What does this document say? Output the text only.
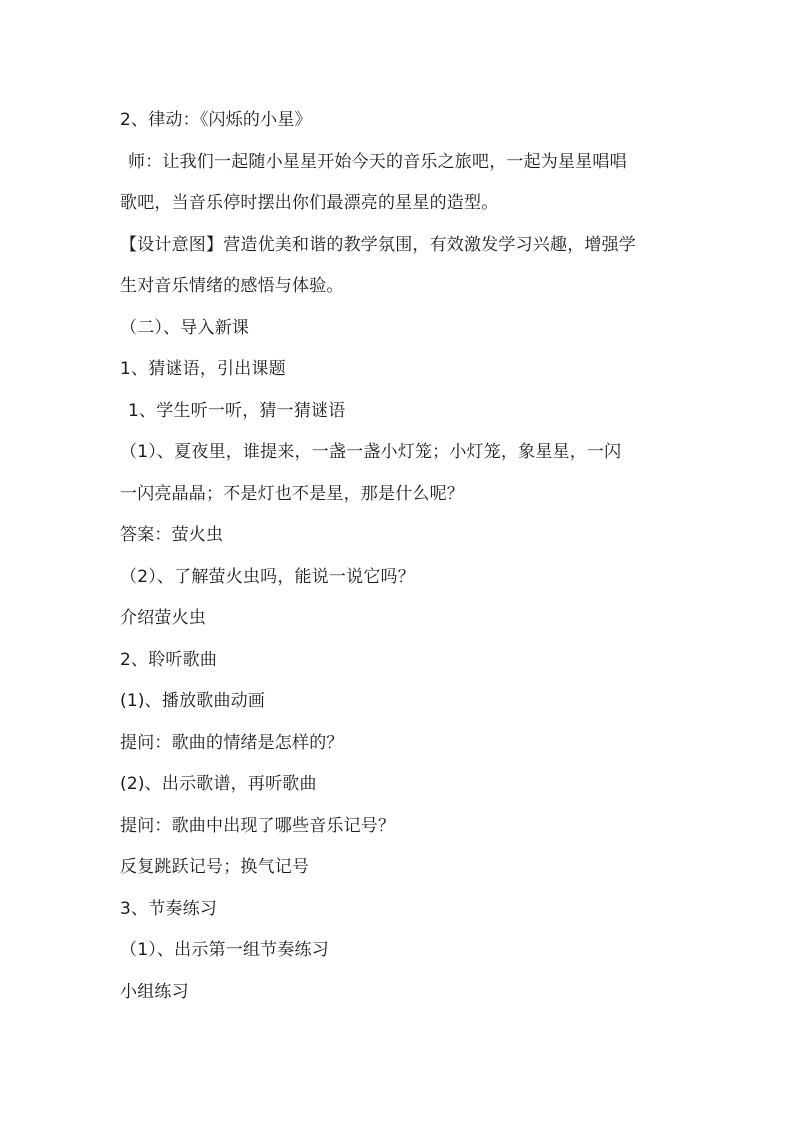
2、律动：《闪烁的小星》
师：让我们一起随小星星开始今天的音乐之旅吧，一起为星星唱唱
歌吧，当音乐停时摆出你们最漂亮的星星的造型。
【设计意图】营造优美和谐的教学氛围，有效激发学习兴趣，增强学
生对音乐情绪的感悟与体验。
（二）、导入新课
1、猜谜语，引出课题
1、学生听一听，猜一猜谜语
（1）、夏夜里，谁提来，一盏一盏小灯笼；小灯笼，象星星，一闪
一闪亮晶晶；不是灯也不是星，那是什么呢？
答案：萤火虫
（2）、了解萤火虫吗，能说一说它吗？
介绍萤火虫
2、聆听歌曲
(1)、播放歌曲动画
提问：歌曲的情绪是怎样的？
(2)、出示歌谱，再听歌曲
提问：歌曲中出现了哪些音乐记号？
反复跳跃记号；换气记号
3、节奏练习
（1）、出示第一组节奏练习
小组练习
